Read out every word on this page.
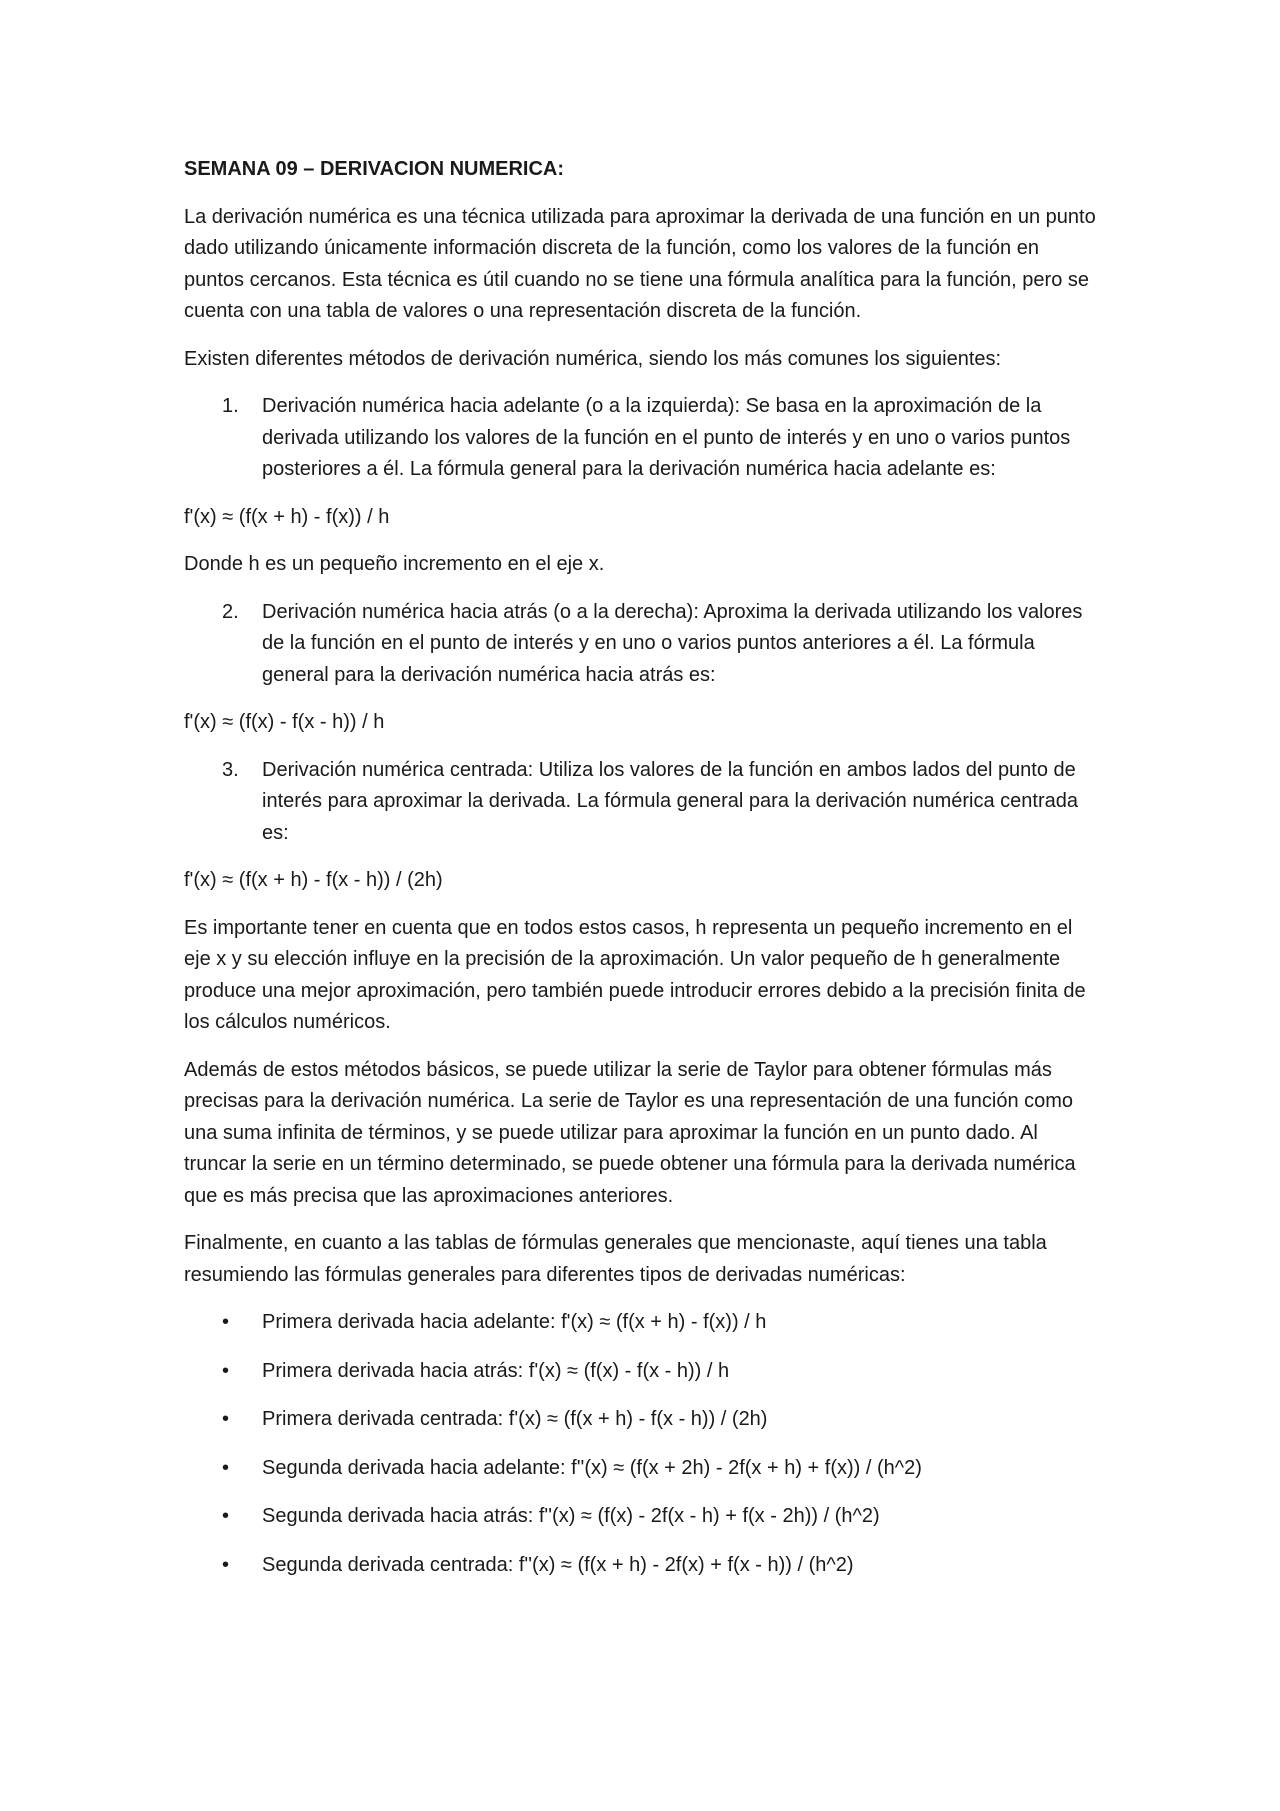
SEMANA 09 – DERIVACION NUMERICA:

La derivación numérica es una técnica utilizada para aproximar la derivada de una función en un punto dado utilizando únicamente información discreta de la función, como los valores de la función en puntos cercanos. Esta técnica es útil cuando no se tiene una fórmula analítica para la función, pero se cuenta con una tabla de valores o una representación discreta de la función.

Existen diferentes métodos de derivación numérica, siendo los más comunes los siguientes:

1. Derivación numérica hacia adelante (o a la izquierda): Se basa en la aproximación de la derivada utilizando los valores de la función en el punto de interés y en uno o varios puntos posteriores a él. La fórmula general para la derivación numérica hacia adelante es:

f'(x) ≈ (f(x + h) - f(x)) / h

Donde h es un pequeño incremento en el eje x.

2. Derivación numérica hacia atrás (o a la derecha): Aproxima la derivada utilizando los valores de la función en el punto de interés y en uno o varios puntos anteriores a él. La fórmula general para la derivación numérica hacia atrás es:

f'(x) ≈ (f(x) - f(x - h)) / h

3. Derivación numérica centrada: Utiliza los valores de la función en ambos lados del punto de interés para aproximar la derivada. La fórmula general para la derivación numérica centrada es:

f'(x) ≈ (f(x + h) - f(x - h)) / (2h)

Es importante tener en cuenta que en todos estos casos, h representa un pequeño incremento en el eje x y su elección influye en la precisión de la aproximación. Un valor pequeño de h generalmente produce una mejor aproximación, pero también puede introducir errores debido a la precisión finita de los cálculos numéricos.

Además de estos métodos básicos, se puede utilizar la serie de Taylor para obtener fórmulas más precisas para la derivación numérica. La serie de Taylor es una representación de una función como una suma infinita de términos, y se puede utilizar para aproximar la función en un punto dado. Al truncar la serie en un término determinado, se puede obtener una fórmula para la derivada numérica que es más precisa que las aproximaciones anteriores.

Finalmente, en cuanto a las tablas de fórmulas generales que mencionaste, aquí tienes una tabla resumiendo las fórmulas generales para diferentes tipos de derivadas numéricas:

• Primera derivada hacia adelante: f'(x) ≈ (f(x + h) - f(x)) / h
• Primera derivada hacia atrás: f'(x) ≈ (f(x) - f(x - h)) / h
• Primera derivada centrada: f'(x) ≈ (f(x + h) - f(x - h)) / (2h)
• Segunda derivada hacia adelante: f''(x) ≈ (f(x + 2h) - 2f(x + h) + f(x)) / (h^2)
• Segunda derivada hacia atrás: f''(x) ≈ (f(x) - 2f(x - h) + f(x - 2h)) / (h^2)
• Segunda derivada centrada: f''(x) ≈ (f(x + h) - 2f(x) + f(x - h)) / (h^2)
